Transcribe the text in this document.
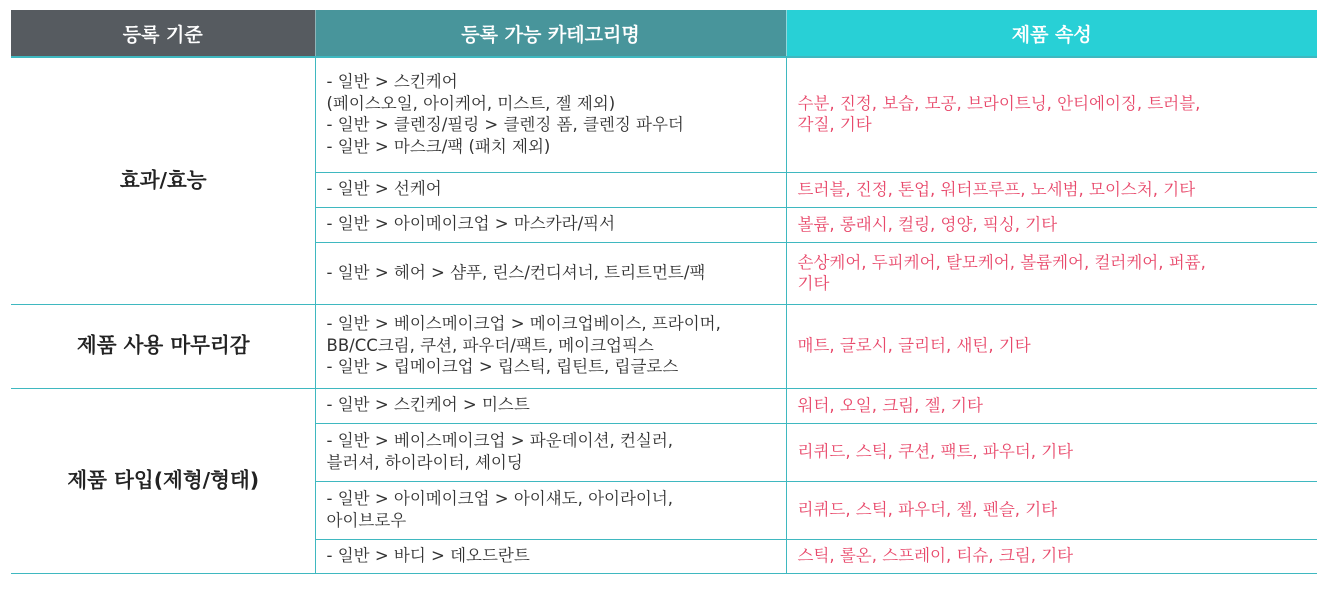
등록 기준	등록 가능 카테고리명	제품 속성
효과/효능	- 일반 > 스킨케어
(페이스오일, 아이케어, 미스트, 젤 제외)
- 일반 > 클렌징/필링 > 클렌징 폼, 클렌징 파우더
- 일반 > 마스크/팩 (패치 제외)	수분, 진정, 보습, 모공, 브라이트닝, 안티에이징, 트러블,
각질, 기타

	- 일반 > 선케어	트러블, 진정, 톤업, 워터프루프, 노세범, 모이스처, 기타

	- 일반 > 아이메이크업 > 마스카라/픽서	볼륨, 롱래시, 컬링, 영양, 픽싱, 기타

	- 일반 > 헤어 > 샴푸, 린스/컨디셔너, 트리트먼트/팩	손상케어, 두피케어, 탈모케어, 볼륨케어, 컬러케어, 퍼퓸,
기타

제품 사용 마무리감	- 일반 > 베이스메이크업 > 메이크업베이스, 프라이머,
BB/CC크림, 쿠션, 파우더/팩트, 메이크업픽스
- 일반 > 립메이크업 > 립스틱, 립틴트, 립글로스	매트, 글로시, 글리터, 새틴, 기타

제품 타입(제형/형태)	- 일반 > 스킨케어 > 미스트	워터, 오일, 크림, 젤, 기타

	- 일반 > 베이스메이크업 > 파운데이션, 컨실러,
블러셔, 하이라이터, 셰이딩	리퀴드, 스틱, 쿠션, 팩트, 파우더, 기타

	- 일반 > 아이메이크업 > 아이섀도, 아이라이너,
아이브로우	리퀴드, 스틱, 파우더, 젤, 펜슬, 기타

	- 일반 > 바디 > 데오드란트	스틱, 롤온, 스프레이, 티슈, 크림, 기타
